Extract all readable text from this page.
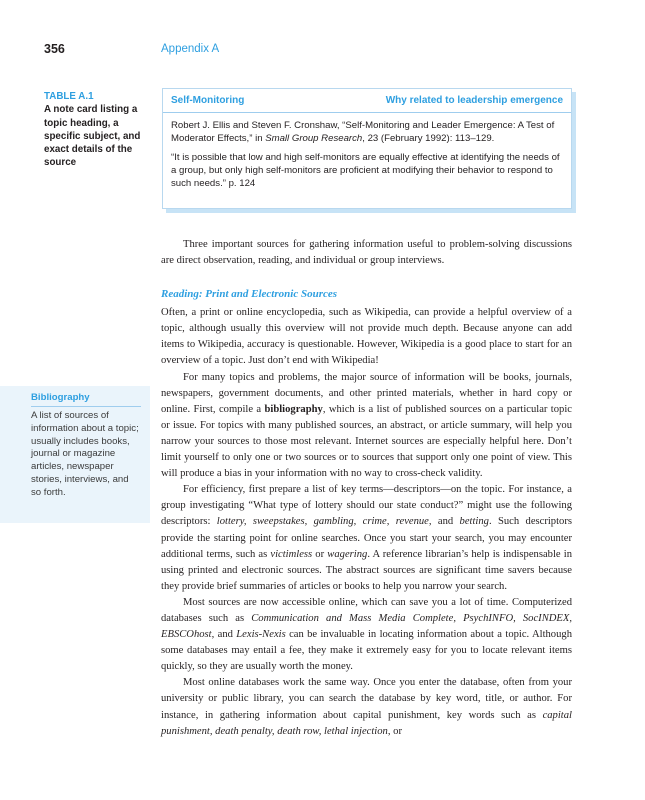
356	Appendix A
TABLE A.1
A note card listing a topic heading, a specific subject, and exact details of the source
Self-Monitoring	Why related to leadership emergence
Robert J. Ellis and Steven F. Cronshaw, “Self-Monitoring and Leader Emergence: A Test of Moderator Effects,” in Small Group Research, 23 (February 1992): 113–129.
“It is possible that low and high self-monitors are equally effective at identifying the needs of a group, but only high self-monitors are proficient at modifying their behavior to respond to such needs.” p. 124
Bibliography
A list of sources of information about a topic; usually includes books, journal or magazine articles, newspaper stories, interviews, and so forth.

Three important sources for gathering information useful to problem-solving discussions are direct observation, reading, and individual or group interviews.

Reading: Print and Electronic Sources

Often, a print or online encyclopedia, such as Wikipedia, can provide a helpful overview of a topic, although usually this overview will not provide much depth. Because anyone can add items to Wikipedia, accuracy is questionable. However, Wikipedia is a good place to start for an overview of a topic. Just don’t end with Wikipedia!

For many topics and problems, the major source of information will be books, journals, newspapers, government documents, and other printed materials, whether in hard copy or online. First, compile a bibliography, which is a list of published sources on a particular topic or issue. For topics with many published sources, an abstract, or article summary, will help you narrow your sources to those most relevant. Internet sources are especially helpful here. Don’t limit yourself to only one or two sources or to sources that support only one point of view. This will produce a bias in your information with no way to cross-check validity.

For efficiency, first prepare a list of key terms—descriptors—on the topic. For instance, a group investigating “What type of lottery should our state conduct?” might use the following descriptors: lottery, sweepstakes, gambling, crime, revenue, and betting. Such descriptors provide the starting point for online searches. Once you start your search, you may encounter additional terms, such as victimless or wagering. A reference librarian’s help is indispensable in using printed and electronic sources. The abstract sources are significant time savers because they provide brief summaries of articles or books to help you narrow your search.

Most sources are now accessible online, which can save you a lot of time. Computerized databases such as Communication and Mass Media Complete, PsychINFO, SocINDEX, EBSCOhost, and Lexis-Nexis can be invaluable in locating information about a topic. Although some databases may entail a fee, they make it extremely easy for you to locate relevant items quickly, so they are usually worth the money.

Most online databases work the same way. Once you enter the database, often from your university or public library, you can search the database by key word, title, or author. For instance, in gathering information about capital punishment, key words such as capital punishment, death penalty, death row, lethal injection, or
